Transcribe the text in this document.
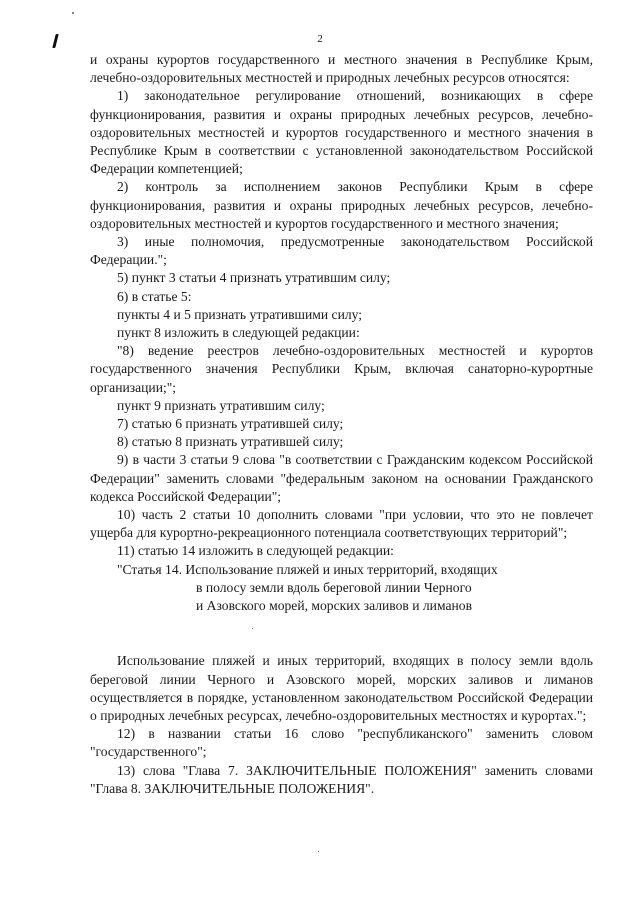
2

и охраны курортов государственного и местного значения в Республике Крым, лечебно-оздоровительных местностей и природных лечебных ресурсов относятся:

1) законодательное регулирование отношений, возникающих в сфере функционирования, развития и охраны природных лечебных ресурсов, лечебно-оздоровительных местностей и курортов государственного и местного значения в Республике Крым в соответствии с установленной законодательством Российской Федерации компетенцией;

2) контроль за исполнением законов Республики Крым в сфере функционирования, развития и охраны природных лечебных ресурсов, лечебно-оздоровительных местностей и курортов государственного и местного значения;

3) иные полномочия, предусмотренные законодательством Российской Федерации.";

5) пункт 3 статьи 4 признать утратившим силу;

6) в статье 5:

пункты 4 и 5 признать утратившими силу;

пункт 8 изложить в следующей редакции:

"8) ведение реестров лечебно-оздоровительных местностей и курортов государственного значения Республики Крым, включая санаторно-курортные организации;";

пункт 9 признать утратившим силу;

7) статью 6 признать утратившей силу;

8) статью 8 признать утратившей силу;

9) в части 3 статьи 9 слова "в соответствии с Гражданским кодексом Российской Федерации" заменить словами "федеральным законом на основании Гражданского кодекса Российской Федерации";

10) часть 2 статьи 10 дополнить словами "при условии, что это не повлечет ущерба для курортно-рекреационного потенциала соответствующих территорий";

11) статью 14 изложить в следующей редакции:

"Статья 14. Использование пляжей и иных территорий, входящих
в полосу земли вдоль береговой линии Черного
и Азовского морей, морских заливов и лиманов

Использование пляжей и иных территорий, входящих в полосу земли вдоль береговой линии Черного и Азовского морей, морских заливов и лиманов осуществляется в порядке, установленном законодательством Российской Федерации о природных лечебных ресурсах, лечебно-оздоровительных местностях и курортах.";

12) в названии статьи 16 слово "республиканского" заменить словом "государственного";

13) слова "Глава 7. ЗАКЛЮЧИТЕЛЬНЫЕ ПОЛОЖЕНИЯ" заменить словами "Глава 8. ЗАКЛЮЧИТЕЛЬНЫЕ ПОЛОЖЕНИЯ".
